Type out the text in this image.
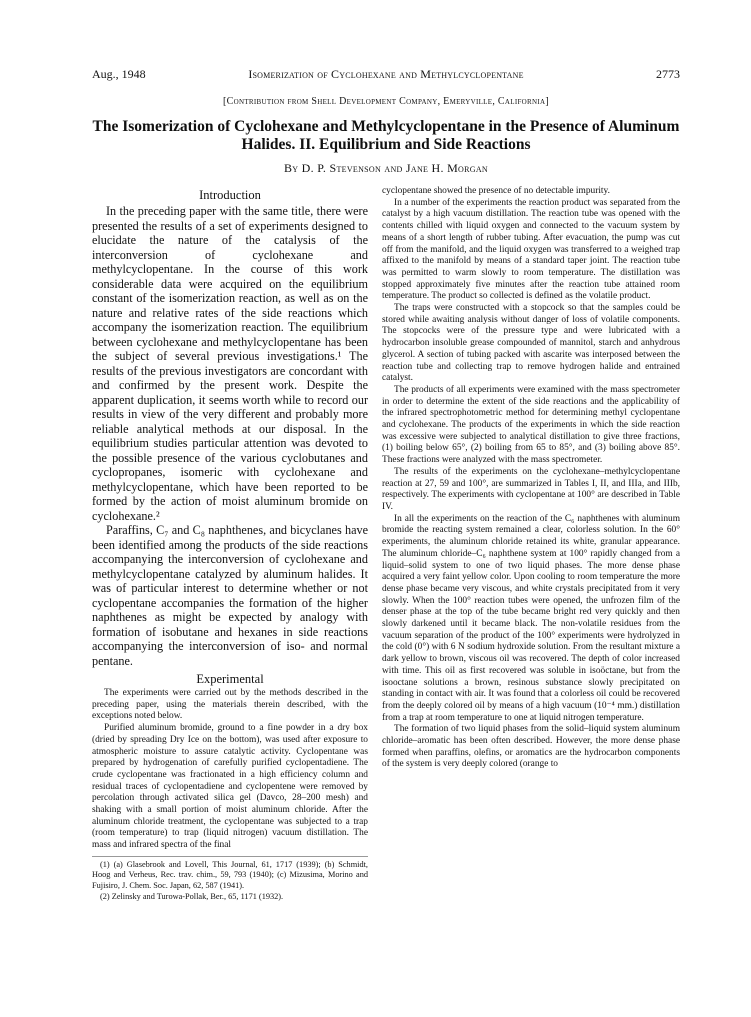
Aug., 1948	Isomerization of Cyclohexane and Methylcyclopentane	2773
[Contribution from Shell Development Company, Emeryville, California]
The Isomerization of Cyclohexane and Methylcyclopentane in the Presence of Aluminum Halides. II. Equilibrium and Side Reactions
By D. P. Stevenson and Jane H. Morgan
Introduction

In the preceding paper with the same title, there were presented the results of a set of experiments designed to elucidate the nature of the catalysis of the interconversion of cyclohexane and methylcyclopentane. In the course of this work considerable data were acquired on the equilibrium constant of the isomerization reaction, as well as on the nature and relative rates of the side reactions which accompany the isomerization reaction. The equilibrium between cyclohexane and methylcyclopentane has been the subject of several previous investigations.¹ The results of the previous investigators are concordant with and confirmed by the present work. Despite the apparent duplication, it seems worth while to record our results in view of the very different and probably more reliable analytical methods at our disposal. In the equilibrium studies particular attention was devoted to the possible presence of the various cyclobutanes and cyclopropanes, isomeric with cyclohexane and methylcyclopentane, which have been reported to be formed by the action of moist aluminum bromide on cyclohexane.²

Paraffins, C₇ and C₈ naphthenes, and bicyclanes have been identified among the products of the side reactions accompanying the interconversion of cyclohexane and methylcyclopentane catalyzed by aluminum halides. It was of particular interest to determine whether or not cyclopentane accompanies the formation of the higher naphthenes as might be expected by analogy with formation of isobutane and hexanes in side reactions accompanying the interconversion of iso- and normal pentane.

Experimental

The experiments were carried out by the methods described in the preceding paper, using the materials therein described, with the exceptions noted below.

Purified aluminum bromide, ground to a fine powder in a dry box (dried by spreading Dry Ice on the bottom), was used after exposure to atmospheric moisture to assure catalytic activity. Cyclopentane was prepared by hydrogenation of carefully purified cyclopentadiene. The crude cyclopentane was fractionated in a high efficiency column and residual traces of cyclopentadiene and cyclopentene were removed by percolation through activated silica gel (Davco, 28–200 mesh) and shaking with a small portion of moist aluminum chloride. After the aluminum chloride treatment, the cyclopentane was subjected to a trap (room temperature) to trap (liquid nitrogen) vacuum distillation. The mass and infrared spectra of the final

(1) (a) Glasebrook and Lovell, This Journal, 61, 1717 (1939); (b) Schmidt, Hoog and Verheus, Rec. trav. chim., 59, 793 (1940); (c) Mizusima, Morino and Fujisiro, J. Chem. Soc. Japan, 62, 587 (1941).

(2) Zelinsky and Turowa-Pollak, Ber., 65, 1171 (1932).

cyclopentane showed the presence of no detectable impurity.

In a number of the experiments the reaction product was separated from the catalyst by a high vacuum distillation. The reaction tube was opened with the contents chilled with liquid oxygen and connected to the vacuum system by means of a short length of rubber tubing. After evacuation, the pump was cut off from the manifold, and the liquid oxygen was transferred to a weighed trap affixed to the manifold by means of a standard taper joint. The reaction tube was permitted to warm slowly to room temperature. The distillation was stopped approximately five minutes after the reaction tube attained room temperature. The product so collected is defined as the volatile product.

The traps were constructed with a stopcock so that the samples could be stored while awaiting analysis without danger of loss of volatile components. The stopcocks were of the pressure type and were lubricated with a hydrocarbon insoluble grease compounded of mannitol, starch and anhydrous glycerol. A section of tubing packed with ascarite was interposed between the reaction tube and collecting trap to remove hydrogen halide and entrained catalyst.

The products of all experiments were examined with the mass spectrometer in order to determine the extent of the side reactions and the applicability of the infrared spectrophotometric method for determining methyl cyclopentane and cyclohexane. The products of the experiments in which the side reaction was excessive were subjected to analytical distillation to give three fractions, (1) boiling below 65°, (2) boiling from 65 to 85°, and (3) boiling above 85°. These fractions were analyzed with the mass spectrometer.

The results of the experiments on the cyclohexane–methylcyclopentane reaction at 27, 59 and 100°, are summarized in Tables I, II, and IIIa, and IIIb, respectively. The experiments with cyclopentane at 100° are described in Table IV.

In all the experiments on the reaction of the C₆ naphthenes with aluminum bromide the reacting system remained a clear, colorless solution. In the 60° experiments, the aluminum chloride retained its white, granular appearance. The aluminum chloride–C₆ naphthene system at 100° rapidly changed from a liquid–solid system to one of two liquid phases. The more dense phase acquired a very faint yellow color. Upon cooling to room temperature the more dense phase became very viscous, and white crystals precipitated from it very slowly. When the 100° reaction tubes were opened, the unfrozen film of the denser phase at the top of the tube became bright red very quickly and then slowly darkened until it became black. The non-volatile residues from the vacuum separation of the product of the 100° experiments were hydrolyzed in the cold (0°) with 6 N sodium hydroxide solution. From the resultant mixture a dark yellow to brown, viscous oil was recovered. The depth of color increased with time. This oil as first recovered was soluble in isoöctane, but from the isooctane solutions a brown, resinous substance slowly precipitated on standing in contact with air. It was found that a colorless oil could be recovered from the deeply colored oil by means of a high vacuum (10⁻⁴ mm.) distillation from a trap at room temperature to one at liquid nitrogen temperature.

The formation of two liquid phases from the solid–liquid system aluminum chloride–aromatic has been often described. However, the more dense phase formed when paraffins, olefins, or aromatics are the hydrocarbon components of the system is very deeply colored (orange to
